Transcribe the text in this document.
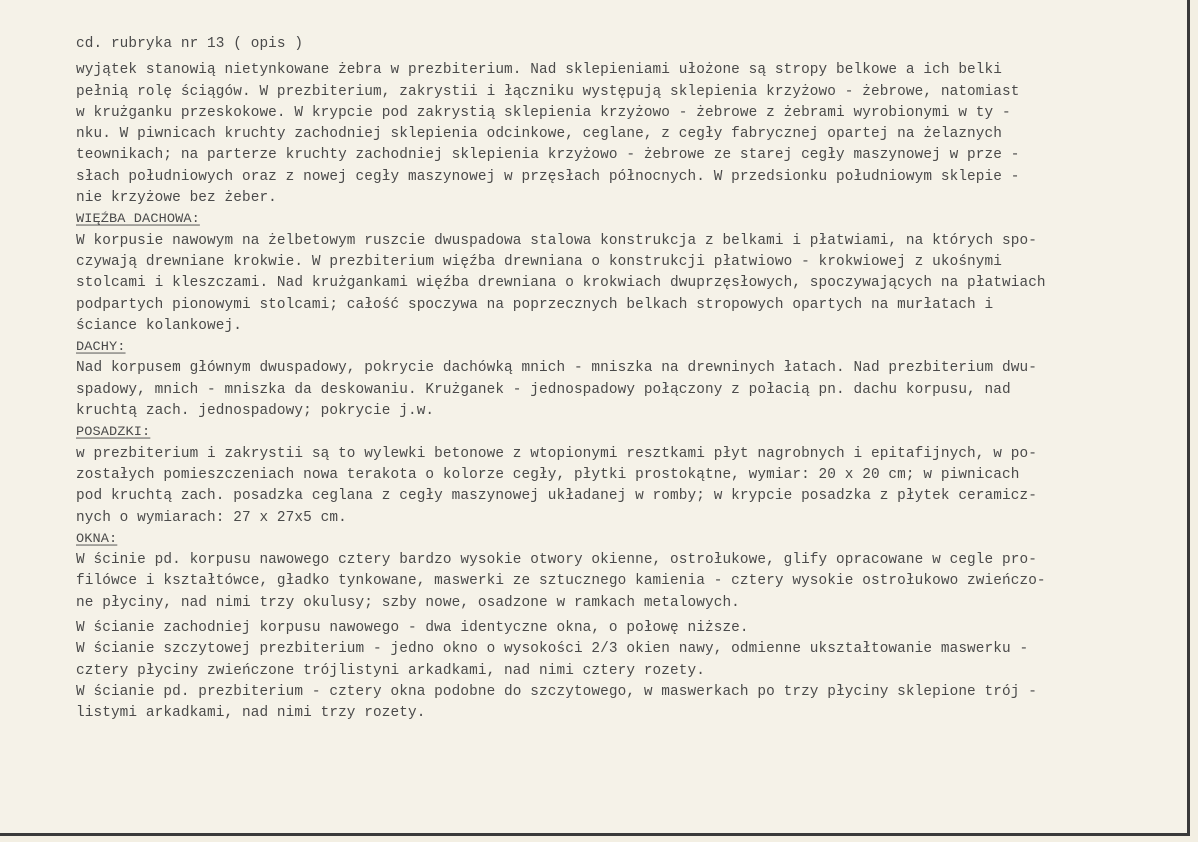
cd. rubryka nr 13 ( opis )
wyjątek stanowią nietynkowane żebra w prezbiterium. Nad sklepieniami ułożone są stropy belkowe a ich belki
pełnią rolę ściągów. W prezbiterium, zakrystii i łączniku występują sklepienia krzyżowo - żebrowe, natomiast
w krużganku przeskokowe. W krypcie pod zakrystią sklepienia krzyżowo - żebrowe z żebrami wyrobionymi w ty -
nku. W piwnicach kruchty zachodniej sklepienia odcinkowe, ceglane, z cegły fabrycznej opartej na żelaznych
teownikach; na parterze kruchty zachodniej sklepienia krzyżowo - żebrowe ze starej cegły maszynowej w prze -
słach południowych oraz z nowej cegły maszynowej w przęsłach północnych. W przedsionku południowym sklepie -
nie krzyżowe bez żeber.
WIĘŹBA DACHOWA:
W korpusie nawowym na żelbetowym ruszcie dwuspadowa stalowa konstrukcja z belkami i płatwiami, na których spo-
czywają drewniane krokwie. W prezbiterium więźba drewniana o konstrukcji płatwiowo - krokwiowej z ukośnymi
stolcami i kleszczami. Nad krużgankami więźba drewniana o krokwiach dwuprzęsłowych, spoczywających na płatwiach
podpartych pionowymi stolcami; całość spoczywa na poprzecznych belkach stropowych opartych na murłatach i
ściance kolankowej.
DACHY:
Nad korpusem głównym dwuspadowy, pokrycie dachówką mnich - mniszka na drewninych łatach. Nad prezbiterium dwu-
spadowy, mnich - mniszka da deskowaniu. Krużganek - jednospadowy połączony z połacią pn. dachu korpusu, nad
kruchtą zach. jednospadowy; pokrycie j.w.
POSADZKI:
w prezbiterium i zakrystii są to wylewki betonowe z wtopionymi resztkami płyt nagrobnych i epitafijnych, w po-
zostałych pomieszczeniach nowa terakota o kolorze cegły, płytki prostokątne, wymiar: 20 x 20 cm; w piwnicach
pod kruchtą zach. posadzka ceglana z cegły maszynowej układanej w romby; w krypcie posadzka z płytek ceramicz-
nych o wymiarach: 27 x 27x5 cm.
OKNA:
W ścinie pd. korpusu nawowego cztery bardzo wysokie otwory okienne, ostrołukowe, glify opracowane w cegle pro-
filówce i kształtówce, gładko tynkowane, maswerki ze sztucznego kamienia - cztery wysokie ostrołukowo zwieńczo-
ne płyciny, nad nimi trzy okulusy; szby nowe, osadzone w ramkach metalowych.
W ścianie zachodniej korpusu nawowego - dwa identyczne okna, o połowę niższe.
W ścianie szczytowej prezbiterium - jedno okno o wysokości 2/3 okien nawy, odmienne ukształtowanie maswerku -
cztery płyciny zwieńczone trójlistyni arkadkami, nad nimi cztery rozety.
W ścianie pd. prezbiterium - cztery okna podobne do szczytowego, w maswerkach po trzy płyciny sklepione trój -
listymi arkadkami, nad nimi trzy rozety.
